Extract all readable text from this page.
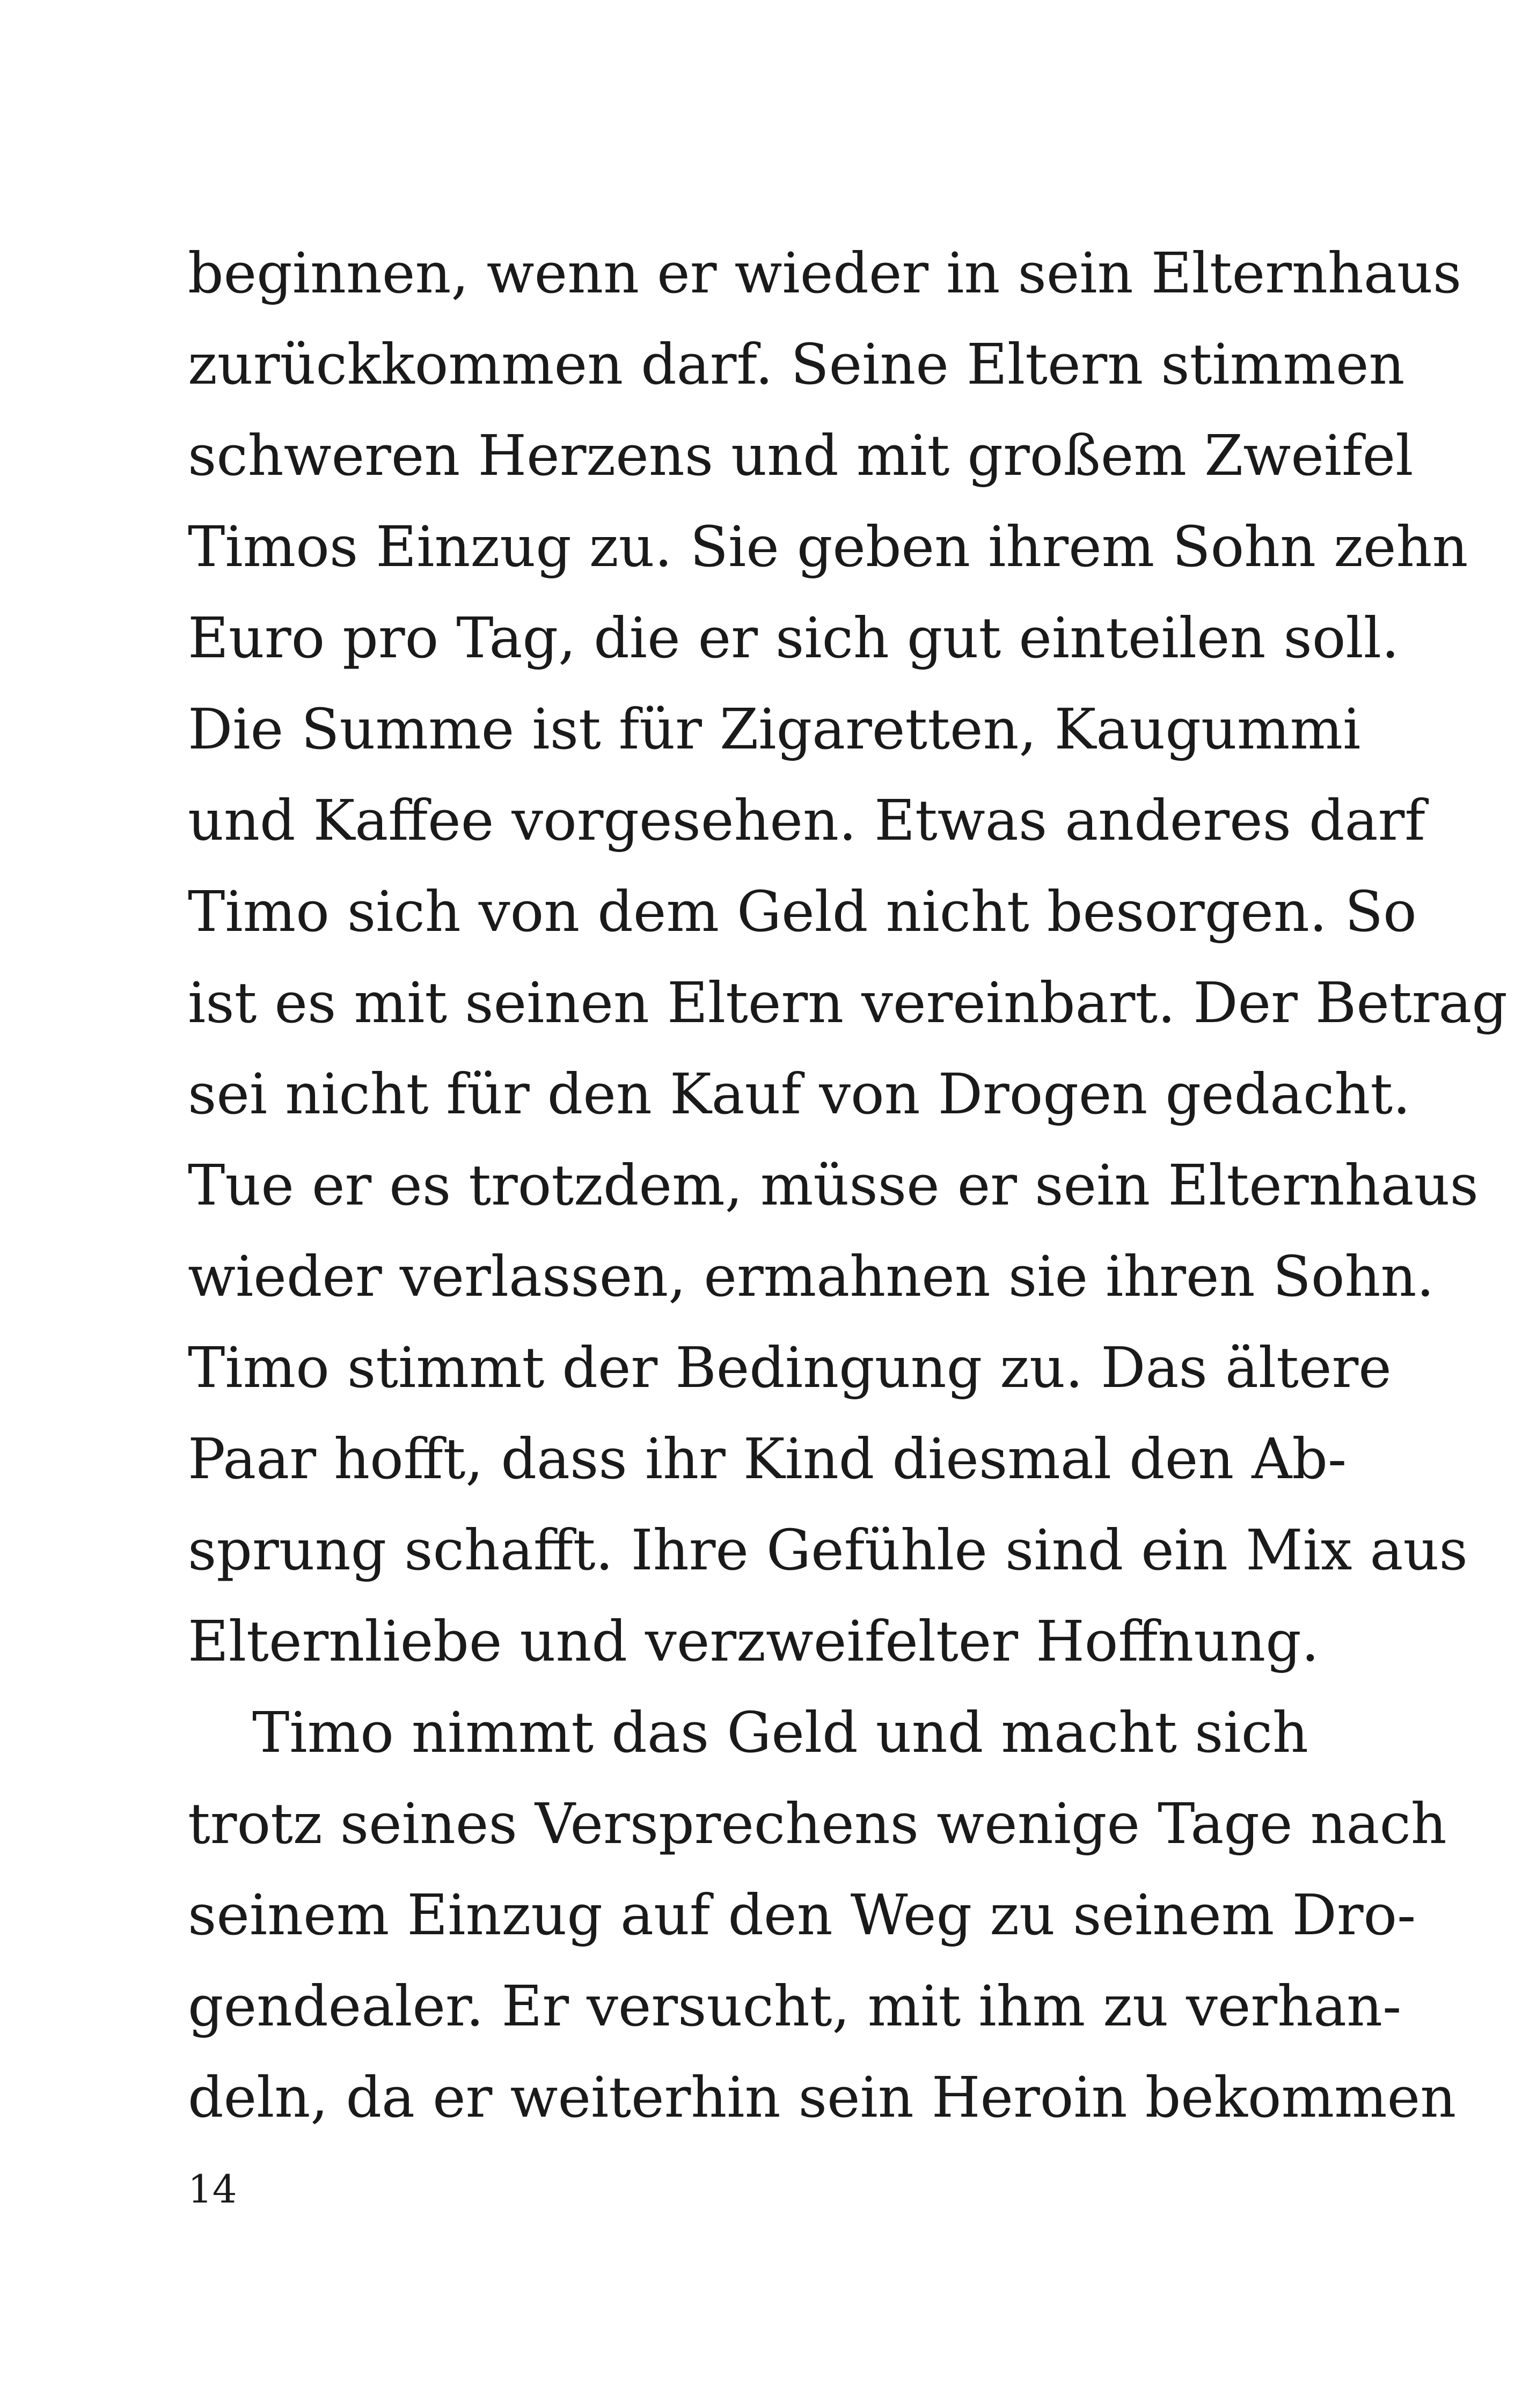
beginnen, wenn er wieder in sein Elternhaus
zurückkommen darf. Seine Eltern stimmen
schweren Herzens und mit großem Zweifel
Timos Einzug zu. Sie geben ihrem Sohn zehn
Euro pro Tag, die er sich gut einteilen soll.
Die Summe ist für Zigaretten, Kaugummi
und Kaffee vorgesehen. Etwas anderes darf
Timo sich von dem Geld nicht besorgen. So
ist es mit seinen Eltern vereinbart. Der Betrag
sei nicht für den Kauf von Drogen gedacht.
Tue er es trotzdem, müsse er sein Elternhaus
wieder verlassen, ermahnen sie ihren Sohn.
Timo stimmt der Bedingung zu. Das ältere
Paar hofft, dass ihr Kind diesmal den Ab-
sprung schafft. Ihre Gefühle sind ein Mix aus
Elternliebe und verzweifelter Hoffnung.
Timo nimmt das Geld und macht sich
trotz seines Versprechens wenige Tage nach
seinem Einzug auf den Weg zu seinem Dro-
gendealer. Er versucht, mit ihm zu verhan-
deln, da er weiterhin sein Heroin bekommen
14
